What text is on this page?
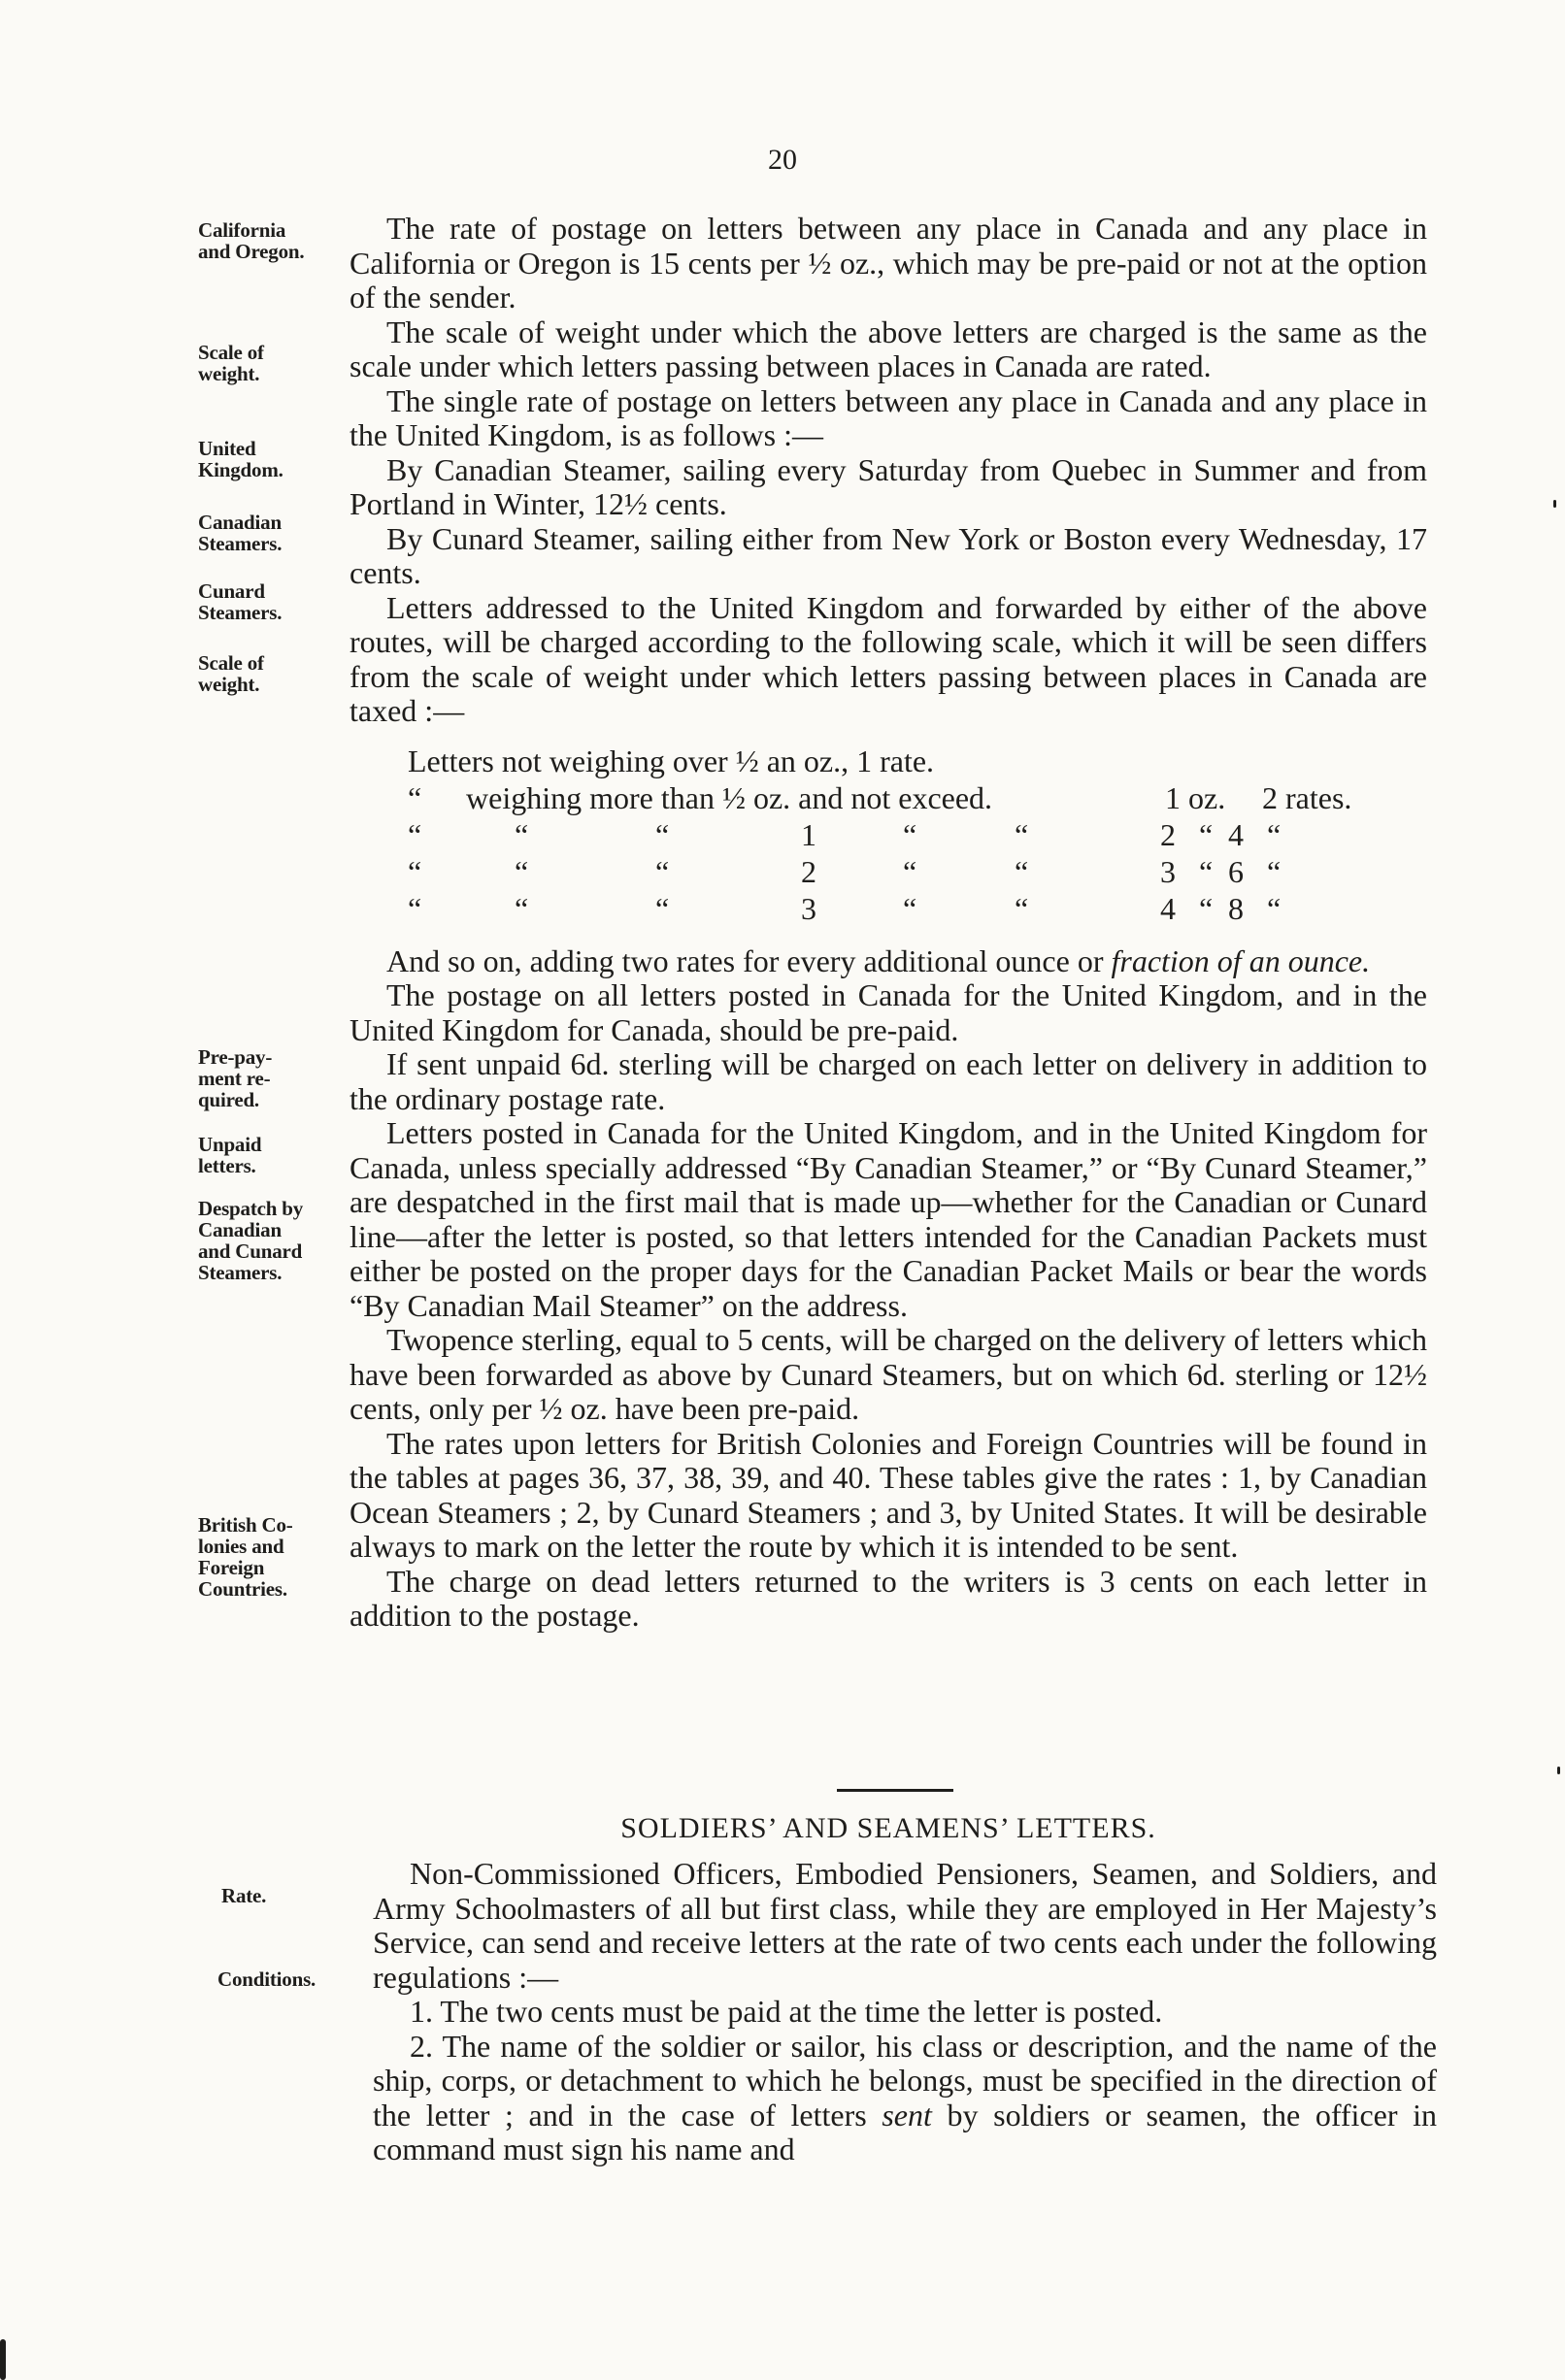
20
California
and Oregon.
Scale of
weight.
United
Kingdom.
Canadian
Steamers.
Cunard
Steamers.
Scale of
weight.
Pre-pay-
ment re-
quired.
Unpaid
letters.
Despatch by
Canadian
and Cunard
Steamers.
British Co-
lonies and
Foreign
Countries.
Rate.
Conditions.

The rate of postage on letters between any place in Canada and any place in California or Oregon is 15 cents per ½ oz., which may be pre-paid or not at the option of the sender.

The scale of weight under which the above letters are charged is the same as the scale under which letters passing between places in Canada are rated.

The single rate of postage on letters between any place in Canada and any place in the United Kingdom, is as follows :—

By Canadian Steamer, sailing every Saturday from Quebec in Summer and from Portland in Winter, 12½ cents.

By Cunard Steamer, sailing either from New York or Boston every Wednesday, 17 cents.

Letters addressed to the United Kingdom and forwarded by either of the above routes, will be charged according to the following scale, which it will be seen differs from the scale of weight under which letters passing between places in Canada are taxed :—

Letters not weighing over ½ an oz., 1 rate.
“	weighing more than ½ oz. and not exceed.	1 oz.	2 rates.
“	“	“	1	“	“	2 “ 4 “
“	“	“	2	“	“	3 “ 6 “
“	“	“	3	“	“	4 “ 8 “

And so on, adding two rates for every additional ounce or fraction of an ounce.

The postage on all letters posted in Canada for the United Kingdom, and in the United Kingdom for Canada, should be pre-paid.

If sent unpaid 6d. sterling will be charged on each letter on delivery in addition to the ordinary postage rate.

Letters posted in Canada for the United Kingdom, and in the United Kingdom for Canada, unless specially addressed “By Canadian Steamer,” or “By Cunard Steamer,” are despatched in the first mail that is made up—whether for the Canadian or Cunard line—after the letter is posted, so that letters intended for the Canadian Packets must either be posted on the proper days for the Canadian Packet Mails or bear the words “By Canadian Mail Steamer” on the address.

Twopence sterling, equal to 5 cents, will be charged on the delivery of letters which have been forwarded as above by Cunard Steamers, but on which 6d. sterling or 12½ cents, only per ½ oz. have been pre-paid.

The rates upon letters for British Colonies and Foreign Countries will be found in the tables at pages 36, 37, 38, 39, and 40. These tables give the rates : 1, by Canadian Ocean Steamers ; 2, by Cunard Steamers ; and 3, by United States. It will be desirable always to mark on the letter the route by which it is intended to be sent.

The charge on dead letters returned to the writers is 3 cents on each letter in addition to the postage.

SOLDIERS’ AND SEAMENS’ LETTERS.

Non-Commissioned Officers, Embodied Pensioners, Seamen, and Soldiers, and Army Schoolmasters of all but first class, while they are employed in Her Majesty’s Service, can send and receive letters at the rate of two cents each under the following regulations :—

1. The two cents must be paid at the time the letter is posted.

2. The name of the soldier or sailor, his class or description, and the name of the ship, corps, or detachment to which he belongs, must be specified in the direction of the letter ; and in the case of letters sent by soldiers or seamen, the officer in command must sign his name and
